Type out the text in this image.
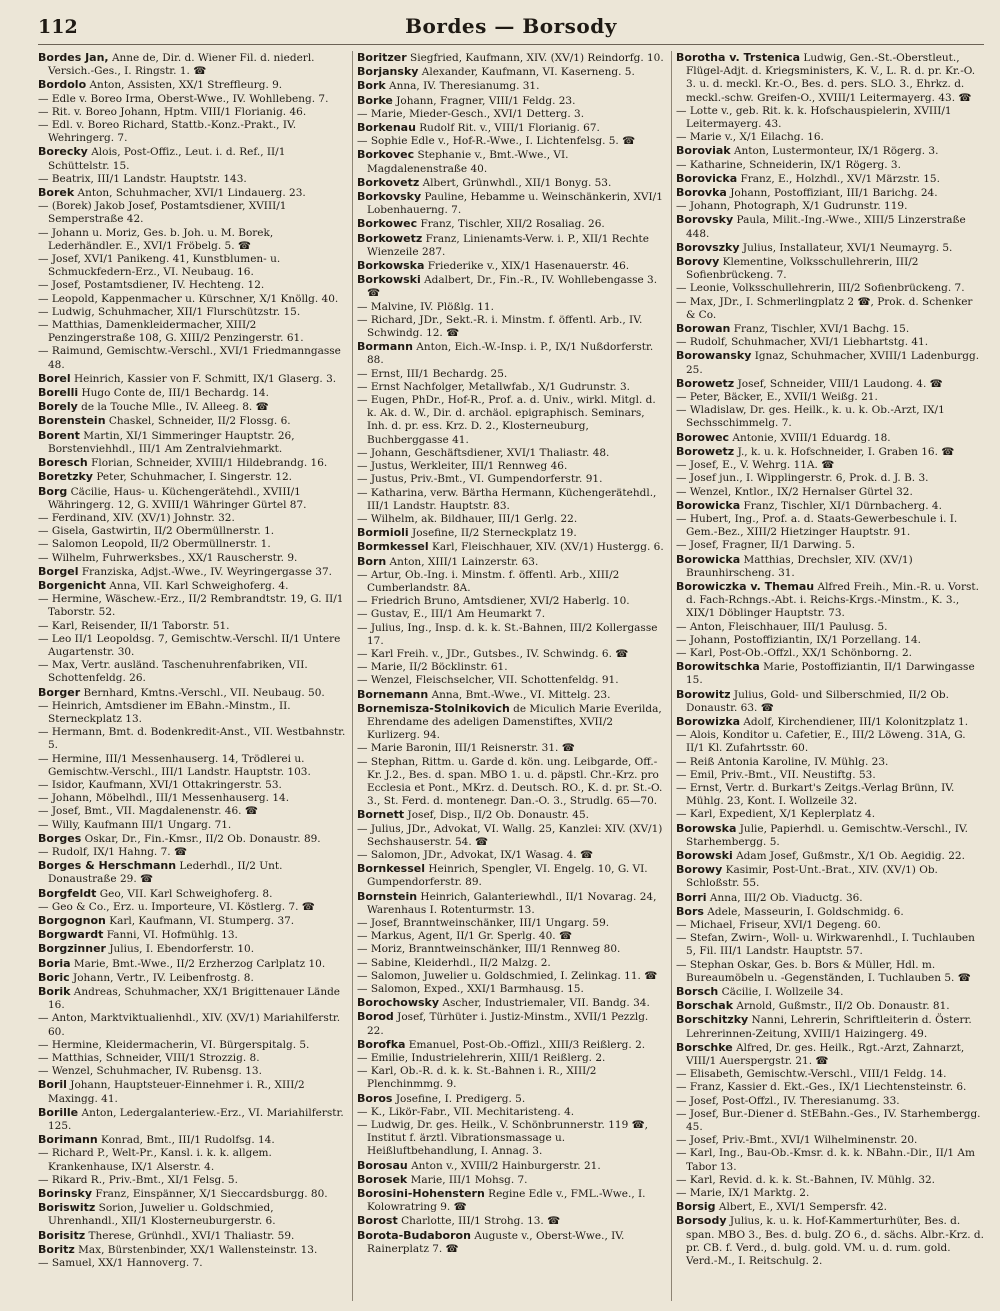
112	Bordes — Borsody

Bordes Jan, Anne de, Dir. d. Wiener Fil. d. niederl. Versich.-Ges., I. Ringstr. 1. ☎

Bordolo Anton, Assisten, XX/1 Streffleurg. 9.

— Edle v. Boreo Irma, Oberst-Wwe., IV. Wohllebeng. 7.

— Rit. v. Boreo Johann, Hptm. VIII/1 Florianig. 46.

— Edl. v. Boreo Richard, Stattb.-Konz.-Prakt., IV. Wehringerg. 7.

Borecky Alois, Post-Offiz., Leut. i. d. Ref., II/1 Schüttelstr. 15.

— Beatrix, III/1 Landstr. Hauptstr. 143.

Borek Anton, Schuhmacher, XVI/1 Lindauerg. 23.

— (Borek) Jakob Josef, Postamtsdiener, XVIII/1 Semperstraße 42.

— Johann u. Moriz, Ges. b. Joh. u. M. Borek, Lederhändler. E., XVI/1 Fröbelg. 5. ☎

— Josef, XVI/1 Panikeng. 41, Kunstblumen- u. Schmuckfedern-Erz., VI. Neubaug. 16.

— Josef, Postamtsdiener, IV. Hechteng. 12.

— Leopold, Kappenmacher u. Kürschner, X/1 Knöllg. 40.

— Ludwig, Schuhmacher, XII/1 Flurschützstr. 15.

— Matthias, Damenkleidermacher, XIII/2 Penzingerstraße 108, G. XIII/2 Penzingerstr. 61.

— Raimund, Gemischtw.-Verschl., XVI/1 Friedmanngasse 48.

Borel Heinrich, Kassier von F. Schmitt, IX/1 Glaserg. 3.

Borelli Hugo Conte de, III/1 Bechardg. 14.

Borely de la Touche Mlle., IV. Alleeg. 8. ☎

Borenstein Chaskel, Schneider, II/2 Flossg. 6.

Borent Martin, XI/1 Simmeringer Hauptstr. 26, Borstenviehhdl., III/1 Am Zentralviehmarkt.

Boresch Florian, Schneider, XVIII/1 Hildebrandg. 16.

Boretzky Peter, Schuhmacher, I. Singerstr. 12.

Borg Cäcilie, Haus- u. Küchengerätehdl., XVIII/1 Währingerg. 12, G. XVIII/1 Währinger Gürtel 87.

— Ferdinand, XIV. (XV/1) Johnstr. 32.

— Gisela, Gastwirtin, II/2 Obermüllnerstr. 1.

— Salomon Leopold, II/2 Obermüllnerstr. 1.

— Wilhelm, Fuhrwerksbes., XX/1 Rauscherstr. 9.

Borgel Franziska, Adjst.-Wwe., IV. Weyringergasse 37.

Borgenicht Anna, VII. Karl Schweighoferg. 4.

— Hermine, Wäschew.-Erz., II/2 Rembrandtstr. 19, G. II/1 Taborstr. 52.

— Karl, Reisender, II/1 Taborstr. 51.

— Leo II/1 Leopoldsg. 7, Gemischtw.-Verschl. II/1 Untere Augartenstr. 30.

— Max, Vertr. ausländ. Taschenuhrenfabriken, VII. Schottenfeldg. 26.

Borger Bernhard, Kmtns.-Verschl., VII. Neubaug. 50.

— Heinrich, Amtsdiener im EBahn.-Minstm., II. Sterneckplatz 13.

— Hermann, Bmt. d. Bodenkredit-Anst., VII. Westbahnstr. 5.

— Hermine, III/1 Messenhauserg. 14, Trödlerei u. Gemischtw.-Verschl., III/1 Landstr. Hauptstr. 103.

— Isidor, Kaufmann, XVI/1 Ottakringerstr. 53.

— Johann, Möbelhdl., III/1 Messenhauserg. 14.

— Josef, Bmt., VII. Magdalenenstr. 46. ☎

— Willy, Kaufmann III/1 Ungarg. 71.

Borges Oskar, Dr., Fin.-Kmsr., II/2 Ob. Donaustr. 89.

— Rudolf, IX/1 Hahng. 7. ☎

Borges & Herschmann Lederhdl., II/2 Unt. Donaustraße 29. ☎

Borgfeldt Geo, VII. Karl Schweighoferg. 8.

— Geo & Co., Erz. u. Importeure, VI. Köstlerg. 7. ☎

Borgognon Karl, Kaufmann, VI. Stumperg. 37.

Borgwardt Fanni, VI. Hofmühlg. 13.

Borgzinner Julius, I. Ebendorferstr. 10.

Boria Marie, Bmt.-Wwe., II/2 Erzherzog Carlplatz 10.

Boric Johann, Vertr., IV. Leibenfrostg. 8.

Borik Andreas, Schuhmacher, XX/1 Brigittenauer Lände 16.

— Anton, Marktviktualienhdl., XIV. (XV/1) Mariahilferstr. 60.

— Hermine, Kleidermacherin, VI. Bürgerspitalg. 5.

— Matthias, Schneider, VIII/1 Strozzig. 8.

— Wenzel, Schuhmacher, IV. Rubensg. 13.

Boril Johann, Hauptsteuer-Einnehmer i. R., XIII/2 Maxingg. 41.

Borille Anton, Ledergalanteriew.-Erz., VI. Mariahilferstr. 125.

Borimann Konrad, Bmt., III/1 Rudolfsg. 14.

— Richard P., Welt-Pr., Kansl. i. k. k. allgem. Krankenhause, IX/1 Alserstr. 4.

— Rikard R., Priv.-Bmt., XI/1 Felsg. 5.

Borinsky Franz, Einspänner, X/1 Sieccardsburgg. 80.

Boriswitz Sorion, Juwelier u. Goldschmied, Uhrenhandl., XII/1 Klosterneuburgerstr. 6.

Borisitz Therese, Grünhdl., XVI/1 Thaliastr. 59.

Boritz Max, Bürstenbinder, XX/1 Wallensteinstr. 13.

— Samuel, XX/1 Hannoverg. 7.

Boritzer Siegfried, Kaufmann, XIV. (XV/1) Reindorfg. 10.

Borjansky Alexander, Kaufmann, VI. Kaserneng. 5.

Bork Anna, IV. Theresianumg. 31.

Borke Johann, Fragner, VIII/1 Feldg. 23.

— Marie, Mieder-Gesch., XVI/1 Detterg. 3.

Borkenau Rudolf Rit. v., VIII/1 Florianig. 67.

— Sophie Edle v., Hof-R.-Wwe., I. Lichtenfelsg. 5. ☎

Borkovec Stephanie v., Bmt.-Wwe., VI. Magdalenenstraße 40.

Borkovetz Albert, Grünwhdl., XII/1 Bonyg. 53.

Borkovsky Pauline, Hebamme u. Weinschänkerin, XVI/1 Lobenhauerng. 7.

Borkowec Franz, Tischler, XII/2 Rosaliag. 26.

Borkowetz Franz, Linienamts-Verw. i. P., XII/1 Rechte Wienzeile 287.

Borkowska Friederike v., XIX/1 Hasenauerstr. 46.

Borkowski Adalbert, Dr., Fin.-R., IV. Wohllebengasse 3. ☎

— Malvine, IV. Plößlg. 11.

— Richard, JDr., Sekt.-R. i. Minstm. f. öffentl. Arb., IV. Schwindg. 12. ☎

Bormann Anton, Eich.-W.-Insp. i. P., IX/1 Nußdorferstr. 88.

— Ernst, III/1 Bechardg. 25.

— Ernst Nachfolger, Metallwfab., X/1 Gudrunstr. 3.

— Eugen, PhDr., Hof-R., Prof. a. d. Univ., wirkl. Mitgl. d. k. Ak. d. W., Dir. d. archäol. epigraphisch. Seminars, Inh. d. pr. ess. Krz. D. 2., Klosterneuburg, Buchberggasse 41.

— Johann, Geschäftsdiener, XVI/1 Thaliastr. 48.

— Justus, Werkleiter, III/1 Rennweg 46.

— Justus, Priv.-Bmt., VI. Gumpendorferstr. 91.

— Katharina, verw. Bärtha Hermann, Küchengerätehdl., III/1 Landstr. Hauptstr. 83.

— Wilhelm, ak. Bildhauer, III/1 Gerlg. 22.

Bormioli Josefine, II/2 Sterneckplatz 19.

Bormkessel Karl, Fleischhauer, XIV. (XV/1) Hustergg. 6.

Born Anton, XIII/1 Lainzerstr. 63.

— Artur, Ob.-Ing. i. Minstm. f. öffentl. Arb., XIII/2 Cumberlandstr. 8A.

— Friedrich Bruno, Amtsdiener, XVI/2 Haberlg. 10.

— Gustav, E., III/1 Am Heumarkt 7.

— Julius, Ing., Insp. d. k. k. St.-Bahnen, III/2 Kollergasse 17.

— Karl Freih. v., JDr., Gutsbes., IV. Schwindg. 6. ☎

— Marie, II/2 Böcklinstr. 61.

— Wenzel, Fleischselcher, VII. Schottenfeldg. 91.

Bornemann Anna, Bmt.-Wwe., VI. Mittelg. 23.

Bornemisza-Stolnikovich de Miculich Marie Everilda, Ehrendame des adeligen Damenstiftes, XVII/2 Kurlizerg. 94.

— Marie Baronin, III/1 Reisnerstr. 31. ☎

— Stephan, Rittm. u. Garde d. kön. ung. Leibgarde, Off.-Kr. J.2., Bes. d. span. MBO 1. u. d. päpstl. Chr.-Krz. pro Ecclesia et Pont., MKrz. d. Deutsch. RO., K. d. pr. St.-O. 3., St. Ferd. d. montenegr. Dan.-O. 3., Strudlg. 65—70.

Bornett Josef, Disp., II/2 Ob. Donaustr. 45.

— Julius, JDr., Advokat, VI. Wallg. 25, Kanzlei: XIV. (XV/1) Sechshauserstr. 54. ☎

— Salomon, JDr., Advokat, IX/1 Wasag. 4. ☎

Bornkessel Heinrich, Spengler, VI. Engelg. 10, G. VI. Gumpendorferstr. 89.

Bornstein Heinrich, Galanteriewhdl., II/1 Novarag. 24, Warenhaus I. Rotenturmstr. 13.

— Josef, Branntweinschänker, III/1 Ungarg. 59.

— Markus, Agent, II/1 Gr. Sperlg. 40. ☎

— Moriz, Branntweinschänker, III/1 Rennweg 80.

— Sabine, Kleiderhdl., II/2 Malzg. 2.

— Salomon, Juwelier u. Goldschmied, I. Zelinkag. 11. ☎

— Salomon, Exped., XXI/1 Barmhausg. 15.

Borochowsky Ascher, Industriemaler, VII. Bandg. 34.

Borod Josef, Türhüter i. Justiz-Minstm., XVII/1 Pezzlg. 22.

Borofka Emanuel, Post-Ob.-Offizl., XIII/3 Reißlerg. 2.

— Emilie, Industrielehrerin, XIII/1 Reißlerg. 2.

— Karl, Ob.-R. d. k. k. St.-Bahnen i. R., XIII/2 Plenchinmmg. 9.

Boros Josefine, I. Predigerg. 5.

— K., Likör-Fabr., VII. Mechitaristeng. 4.

— Ludwig, Dr. ges. Heilk., V. Schönbrunnerstr. 119 ☎, Institut f. ärztl. Vibrationsmassage u. Heißluftbehandlung, I. Annag. 3.

Borosau Anton v., XVIII/2 Hainburgerstr. 21.

Borosek Marie, III/1 Mohsg. 7.

Borosini-Hohenstern Regine Edle v., FML.-Wwe., I. Kolowratring 9. ☎

Borost Charlotte, III/1 Strohg. 13. ☎

Borota-Budaboron Auguste v., Oberst-Wwe., IV. Rainerplatz 7. ☎

Borotha v. Trstenica Ludwig, Gen.-St.-Oberstleut., Flügel-Adjt. d. Kriegsministers, K. V., L. R. d. pr. Kr.-O. 3. u. d. meckl. Kr.-O., Bes. d. pers. SLO. 3., Ehrkz. d. meckl.-schw. Greifen-O., XVIII/1 Leitermayerg. 43. ☎

— Lotte v., geb. Rit. k. k. Hofschauspielerin, XVIII/1 Leitermayerg. 43.

— Marie v., X/1 Eilachg. 16.

Boroviak Anton, Lustermonteur, IX/1 Rögerg. 3.

— Katharine, Schneiderin, IX/1 Rögerg. 3.

Borovicka Franz, E., Holzhdl., XV/1 Märzstr. 15.

Borovka Johann, Postoffiziant, III/1 Barichg. 24.

— Johann, Photograph, X/1 Gudrunstr. 119.

Borovsky Paula, Milit.-Ing.-Wwe., XIII/5 Linzerstraße 448.

Borovszky Julius, Installateur, XVI/1 Neumayrg. 5.

Borovy Klementine, Volksschullehrerin, III/2 Sofienbrückeng. 7.

— Leonie, Volksschullehrerin, III/2 Sofienbrückeng. 7.

— Max, JDr., I. Schmerlingplatz 2 ☎, Prok. d. Schenker & Co.

Borowan Franz, Tischler, XVI/1 Bachg. 15.

— Rudolf, Schuhmacher, XVI/1 Liebhartstg. 41.

Borowansky Ignaz, Schuhmacher, XVIII/1 Ladenburgg. 25.

Borowetz Josef, Schneider, VIII/1 Laudong. 4. ☎

— Peter, Bäcker, E., XVII/1 Weißg. 21.

— Wladislaw, Dr. ges. Heilk., k. u. k. Ob.-Arzt, IX/1 Sechsschimmelg. 7.

Borowec Antonie, XVIII/1 Eduardg. 18.

Borowetz J., k. u. k. Hofschneider, I. Graben 16. ☎

— Josef, E., V. Wehrg. 11A. ☎

— Josef jun., I. Wipplingerstr. 6, Prok. d. J. B. 3.

— Wenzel, Kntlor., IX/2 Hernalser Gürtel 32.

Borowicka Franz, Tischler, XI/1 Dürnbacherg. 4.

— Hubert, Ing., Prof. a. d. Staats-Gewerbeschule i. I. Gem.-Bez., XIII/2 Hietzinger Hauptstr. 91.

— Josef, Fragner, II/1 Darwing. 5.

Borowicka Matthias, Drechsler, XIV. (XV/1) Braunhirscheng. 31.

Borowiczka v. Themau Alfred Freih., Min.-R. u. Vorst. d. Fach-Rchngs.-Abt. i. Reichs-Krgs.-Minstm., K. 3., XIX/1 Döblinger Hauptstr. 73.

— Anton, Fleischhauer, III/1 Paulusg. 5.

— Johann, Postoffiziantin, IX/1 Porzellang. 14.

— Karl, Post-Ob.-Offzl., XX/1 Schönborng. 2.

Borowitschka Marie, Postoffiziantin, II/1 Darwingasse 15.

Borowitz Julius, Gold- und Silberschmied, II/2 Ob. Donaustr. 63. ☎

Borowizka Adolf, Kirchendiener, III/1 Kolonitzplatz 1.

— Alois, Konditor u. Cafetier, E., III/2 Löweng. 31A, G. II/1 Kl. Zufahrtsstr. 60.

— Reiß Antonia Karoline, IV. Mühlg. 23.

— Emil, Priv.-Bmt., VII. Neustiftg. 53.

— Ernst, Vertr. d. Burkart's Zeitgs.-Verlag Brünn, IV. Mühlg. 23, Kont. I. Wollzeile 32.

— Karl, Expedient, X/1 Keplerplatz 4.

Borowska Julie, Papierhdl. u. Gemischtw.-Verschl., IV. Starhembergg. 5.

Borowski Adam Josef, Gußmstr., X/1 Ob. Aegidig. 22.

Borowy Kasimir, Post-Unt.-Brat., XIV. (XV/1) Ob. Schloßstr. 55.

Borri Anna, III/2 Ob. Viaductg. 36.

Bors Adele, Masseurin, I. Goldschmidg. 6.

— Michael, Friseur, XVI/1 Degeng. 60.

— Stefan, Zwirn-, Woll- u. Wirkwarenhdl., I. Tuchlauben 5, Fil. III/1 Landstr. Hauptstr. 57.

— Stephan Oskar, Ges. b. Bors & Müller, Hdl. m. Bureaumöbeln u. -Gegenständen, I. Tuchlauben 5. ☎

Borsch Cäcilie, I. Wollzeile 34.

Borschak Arnold, Gußmstr., II/2 Ob. Donaustr. 81.

Borschitzky Nanni, Lehrerin, Schriftleiterin d. Österr. Lehrerinnen-Zeitung, XVIII/1 Haizingerg. 49.

Borschke Alfred, Dr. ges. Heilk., Rgt.-Arzt, Zahnarzt, VIII/1 Auerspergstr. 21. ☎

— Elisabeth, Gemischtw.-Verschl., VIII/1 Feldg. 14.

— Franz, Kassier d. Ekt.-Ges., IX/1 Liechtensteinstr. 6.

— Josef, Post-Offzl., IV. Theresianumg. 33.

— Josef, Bur.-Diener d. StEBahn.-Ges., IV. Starhembergg. 45.

— Josef, Priv.-Bmt., XVI/1 Wilhelminenstr. 20.

— Karl, Ing., Bau-Ob.-Kmsr. d. k. k. NBahn.-Dir., II/1 Am Tabor 13.

— Karl, Revid. d. k. k. St.-Bahnen, IV. Mühlg. 32.

— Marie, IX/1 Marktg. 2.

Borsig Albert, E., XVI/1 Sempersfr. 42.

Borsody Julius, k. u. k. Hof-Kammerturhüter, Bes. d. span. MBO 3., Bes. d. bulg. ZO 6., d. sächs. Albr.-Krz. d. pr. CB. f. Verd., d. bulg. gold. VM. u. d. rum. gold. Verd.-M., I. Reitschulg. 2.
